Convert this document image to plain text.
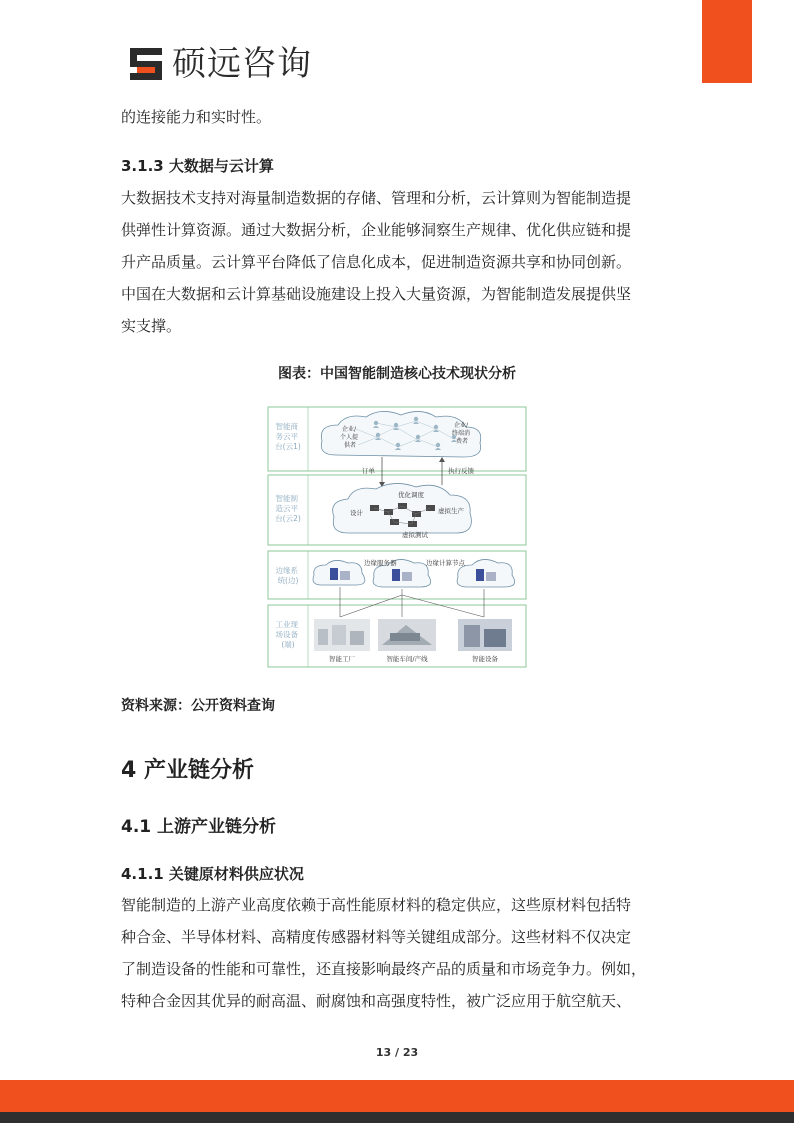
硕远咨询

的连接能力和实时性。

3.1.3 大数据与云计算

大数据技术支持对海量制造数据的存储、管理和分析，云计算则为智能制造提

供弹性计算资源。通过大数据分析，企业能够洞察生产规律、优化供应链和提

升产品质量。云计算平台降低了信息化成本，促进制造资源共享和协同创新。

中国在大数据和云计算基础设施建设上投入大量资源，为智能制造发展提供坚

实支撑。

图表：中国智能制造核心技术现状分析
智能商 务云平 台(云1)
智能制 造云平 台(云2)
边缘系 统(边)
工业现 场设备 (端)
企业/ 个人提 供者
企业/ 终端消 费者
订单	执行反馈
优化调度
设计	虚拟生产
虚拟测试
边缘服务器	边缘计算节点
智能工厂	智能车间/产线	智能设备
资料来源：公开资料查询
4 产业链分析
4.1 上游产业链分析
4.1.1 关键原材料供应状况

智能制造的上游产业高度依赖于高性能原材料的稳定供应，这些原材料包括特

种合金、半导体材料、高精度传感器材料等关键组成部分。这些材料不仅决定

了制造设备的性能和可靠性，还直接影响最终产品的质量和市场竞争力。例如，

特种合金因其优异的耐高温、耐腐蚀和高强度特性，被广泛应用于航空航天、

13 / 23
